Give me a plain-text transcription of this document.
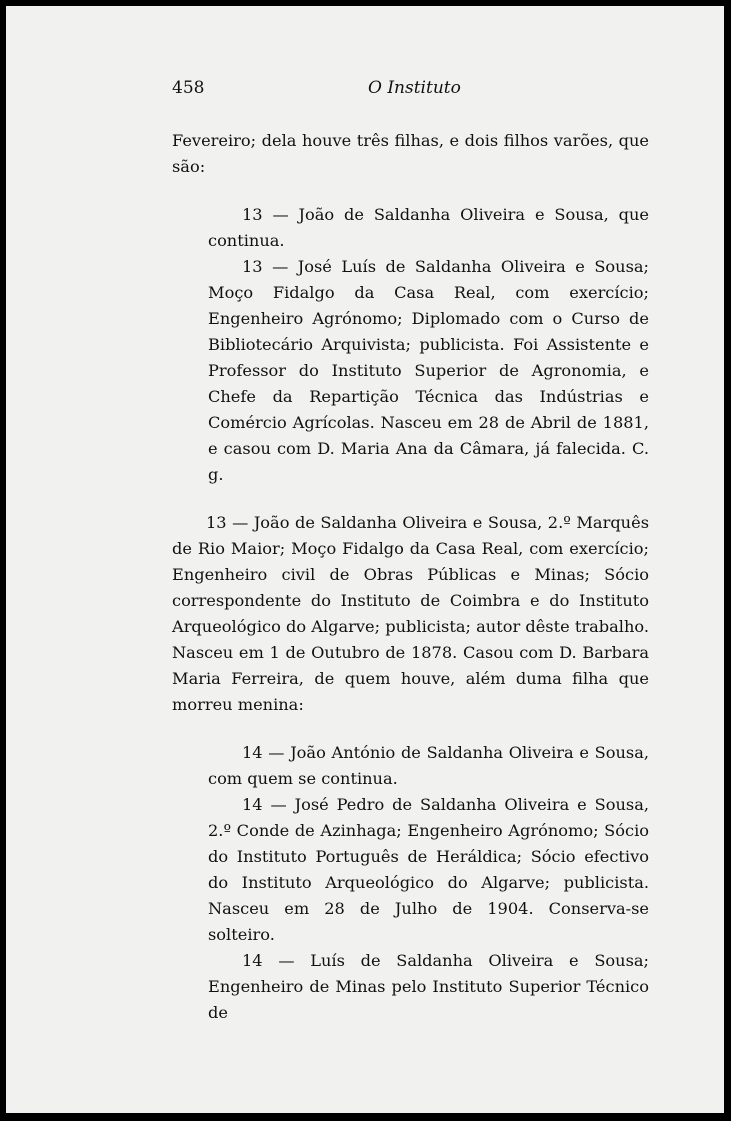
458	O Instituto

Fevereiro; dela houve três filhas, e dois filhos varões, que são:

13 — João de Saldanha Oliveira e Sousa, que continua.

13 — José Luís de Saldanha Oliveira e Sousa; Moço Fidalgo da Casa Real, com exercício; Engenheiro Agrónomo; Diplomado com o Curso de Bibliotecário Arquivista; publicista. Foi Assistente e Professor do Instituto Superior de Agronomia, e Chefe da Repartição Técnica das Indústrias e Comércio Agrícolas. Nasceu em 28 de Abril de 1881, e casou com D. Maria Ana da Câmara, já falecida. C. g.

13 — João de Saldanha Oliveira e Sousa, 2.º Marquês de Rio Maior; Moço Fidalgo da Casa Real, com exercício; Engenheiro civil de Obras Públicas e Minas; Sócio correspondente do Instituto de Coimbra e do Instituto Arqueológico do Algarve; publicista; autor dêste trabalho. Nasceu em 1 de Outubro de 1878. Casou com D. Barbara Maria Ferreira, de quem houve, além duma filha que morreu menina:

14 — João António de Saldanha Oliveira e Sousa, com quem se continua.

14 — José Pedro de Saldanha Oliveira e Sousa, 2.º Conde de Azinhaga; Engenheiro Agrónomo; Sócio do Instituto Português de Heráldica; Sócio efectivo do Instituto Arqueológico do Algarve; publicista. Nasceu em 28 de Julho de 1904. Conserva-se solteiro.

14 — Luís de Saldanha Oliveira e Sousa; Engenheiro de Minas pelo Instituto Superior Técnico de
